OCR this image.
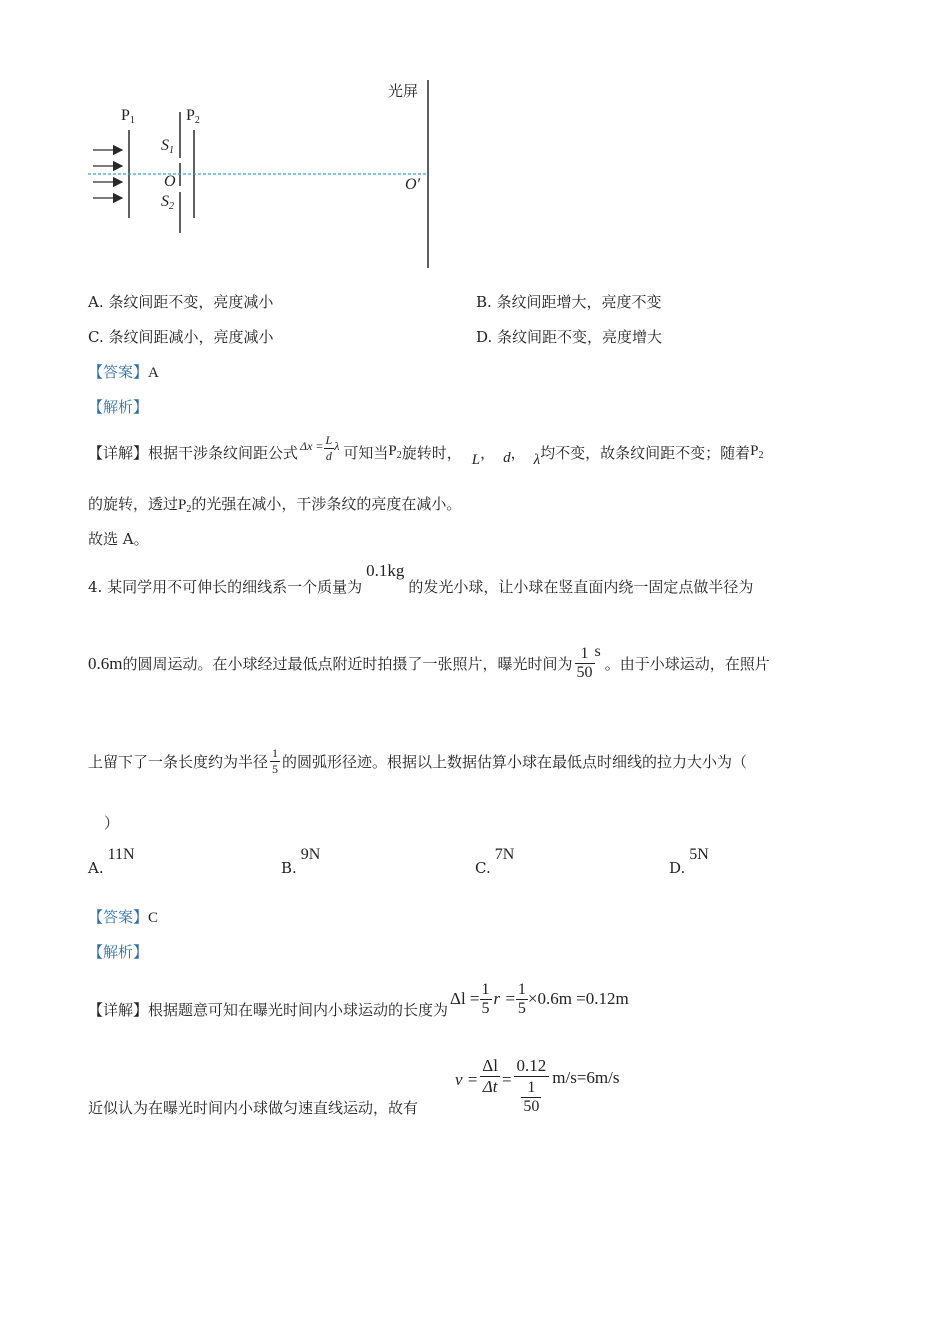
光屏
$P_1$	$P_2$
$S_1$
O
$S_2$
O′
A. 条纹间距不变，亮度减小	B. 条纹间距增大，亮度不变
C. 条纹间距减小，亮度减小	D. 条纹间距不变，亮度增大
【答案】A
【解析】
【详解】 根据干涉条纹间距公式 $\Delta x = \frac{L}{d}$ λ 可知当 $P_2$ 旋转时， L ， d ， λ 均不变，故条纹间距不变；随着 $P_2$
的旋转，透过$P_2$的光强在减小，干涉条纹的亮度在减小。
故选 A。
4. 某同学用不可伸长的细线系一个质量为0.1kg的发光小球，让小球在竖直面内绕一固定点做半径为
0.6m 的圆周运动。在小球经过最低点附近时拍摄了一张照片，曝光时间为 $\frac{1}{50}$ s
。由于小球运动，在照片
上留下了一条长度约为半径 $\frac{1}{5}$ 的圆弧形径迹。根据以上数据估算小球在最低点时细线的拉力大小为（
）
A.11N
B.9N
C.7N
D.5N
【答案】C
【解析】
【详解】根据题意可知在曝光时间内小球运动的长度为
$\Delta l = \frac{1}{5}$ $r = \frac{1}{5} \times 0.6m =0.12m$
近似认为在曝光时间内小球做匀速直线运动，故有
$v = \frac{\Delta l}{\Delta t} = \frac{0.12}{\frac{1}{50}} m/s=6m/s$
